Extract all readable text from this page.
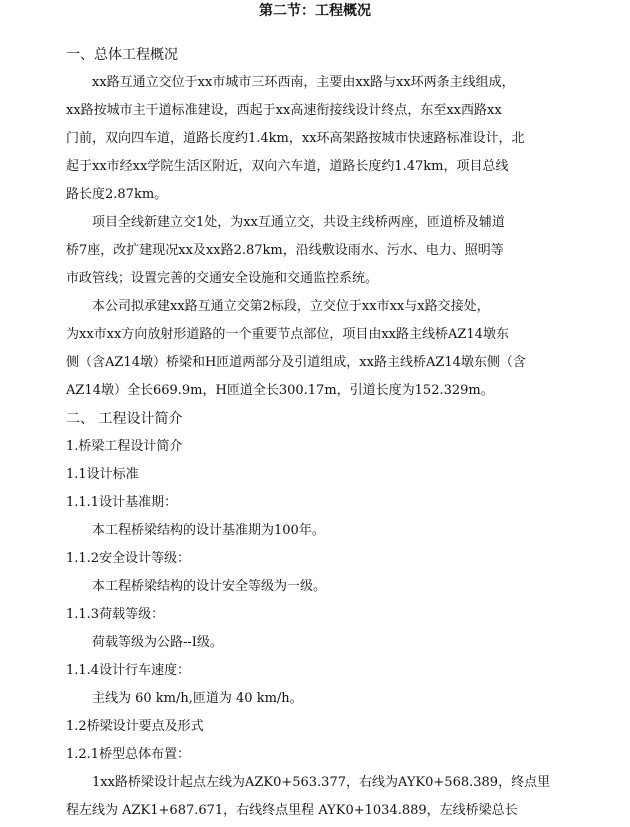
第二节：工程概况
一、总体工程概况
xx路互通立交位于xx市城市三环西南，主要由xx路与xx环两条主线组成，
xx路按城市主干道标准建设，西起于xx高速衔接线设计终点，东至xx西路xx
门前，双向四车道，道路长度约1.4km，xx环高架路按城市快速路标准设计，北
起于xx市经xx学院生活区附近，双向六车道，道路长度约1.47km，项目总线
路长度2.87km。
项目全线新建立交1处，为xx互通立交，共设主线桥两座，匝道桥及辅道
桥7座，改扩建现况xx及xx路2.87km，沿线敷设雨水、污水、电力、照明等
市政管线；设置完善的交通安全设施和交通监控系统。
本公司拟承建xx路互通立交第2标段，立交位于xx市xx与x路交接处，
为xx市xx方向放射形道路的一个重要节点部位，项目由xx路主线桥AZ14墩东
侧（含AZ14墩）桥梁和H匝道两部分及引道组成，xx路主线桥AZ14墩东侧（含
AZ14墩）全长669.9m，H匝道全长300.17m，引道长度为152.329m。
二、 工程设计简介
1.桥梁工程设计简介
1.1设计标准
1.1.1设计基准期：
本工程桥梁结构的设计基准期为100年。
1.1.2安全设计等级：
本工程桥梁结构的设计安全等级为一级。
1.1.3荷载等级：
荷载等级为公路--Ⅰ级。
1.1.4设计行车速度：
主线为 60 km/h,匝道为 40 km/h。
1.2桥梁设计要点及形式
1.2.1桥型总体布置：
1xx路桥梁设计起点左线为AZK0+563.377，右线为AYK0+568.389，终点里
程左线为 AZK1+687.671，右线终点里程 AYK0+1034.889，左线桥梁总长
